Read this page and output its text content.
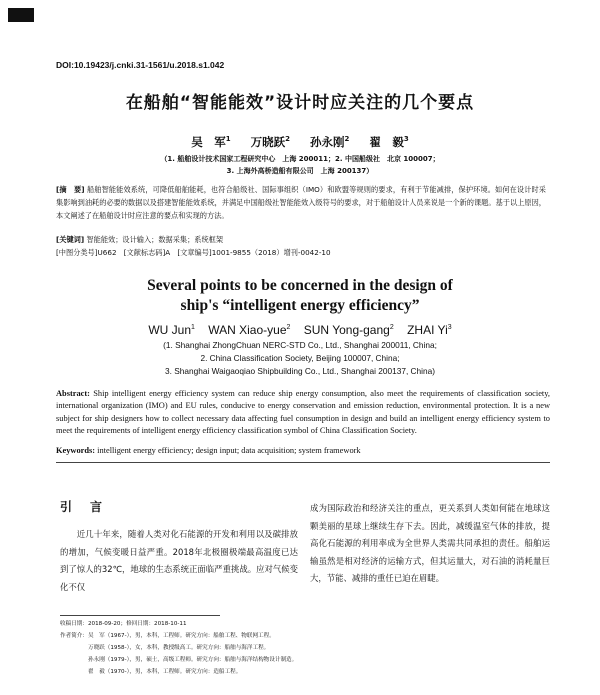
DOI:10.19423/j.cnki.31-1561/u.2018.s1.042
在船舶“智能能效”设计时应关注的几个要点
吴　军$^1$ 万晓跃$^2$ 孙永刚$^2$ 翟　毅$^3$
（1. 船舶设计技术国家工程研究中心　上海 200011；2. 中国船级社　北京 100007；
3. 上海外高桥造船有限公司　上海 200137）
[摘　要] 船舶智能能效系统，可降低船舶能耗，也符合船级社、国际事组织（IMO）和欧盟等规则的要求，有利于节能减排，保护环境。如何在设计时采集影响到油耗的必要的数据以及搭建智能能效系统，并满足中国船级社智能能效入级符号的要求，对于船舶设计人员来说是一个新的课题。基于以上原因，本文阐述了在船舶设计时应注意的要点和实现的方法。
[关键词] 智能能效；设计输入；数据采集；系统框架
[中图分类号]U662　[文献标志码]A　[文章编号]1001-9855（2018）增刊-0042-10
Several points to be concerned in the design of
ship's “intelligent energy efficiency”
WU Jun$^1$ WAN Xiao-yue$^2$ SUN Yong-gang$^2$ ZHAI Yi$^3$
(1. Shanghai ZhongChuan NERC-STD Co., Ltd., Shanghai 200011, China;
2. China Classification Society, Beijing 100007, China;
3. Shanghai Waigaoqiao Shipbuilding Co., Ltd., Shanghai 200137, China)
Abstract: Ship intelligent energy efficiency system can reduce ship energy consumption, also meet the requirements of classification society, international organization (IMO) and EU rules, conducive to energy conservation and emission reduction, environmental protection. It is a new subject for ship designers how to collect necessary data affecting fuel consumption in design and build an intelligent energy efficiency system to meet the requirements of intelligent energy efficiency classification symbol of China Classification Society.
Keywords: intelligent energy efficiency; design input; data acquisition; system framework
引言
近几十年来，随着人类对化石能源的开发和利用以及碳排放的增加，气候变暖日益严重。2018年北极圈极端最高温度已达到了惊人的32℃，地球的生态系统正面临严重挑战。应对气候变化不仅
成为国际政治和经济关注的重点，更关系到人类如何能在地球这颗美丽的星球上继续生存下去。因此，减缓温室气体的排放，提高化石能源的利用率成为全世界人类需共同承担的责任。船舶运输虽然是相对经济的运输方式，但其运量大，对石油的消耗量巨大，节能、减排的重任已迫在眉睫。
收稿日期：2018-09-20；修回日期：2018-10-11
作者简介：吴　军（1967-），男，本科，工程师。研究方向：船舶工程、物联网工程。
万晓跃（1958-），女，本科，教授级高工。研究方向：船舶与海洋工程。
孙永刚（1979-），男，硕士，高级工程师。研究方向：船舶与海洋结构物设计制造。
翟　毅（1970-），男，本科，工程师。研究方向：造船工程。
